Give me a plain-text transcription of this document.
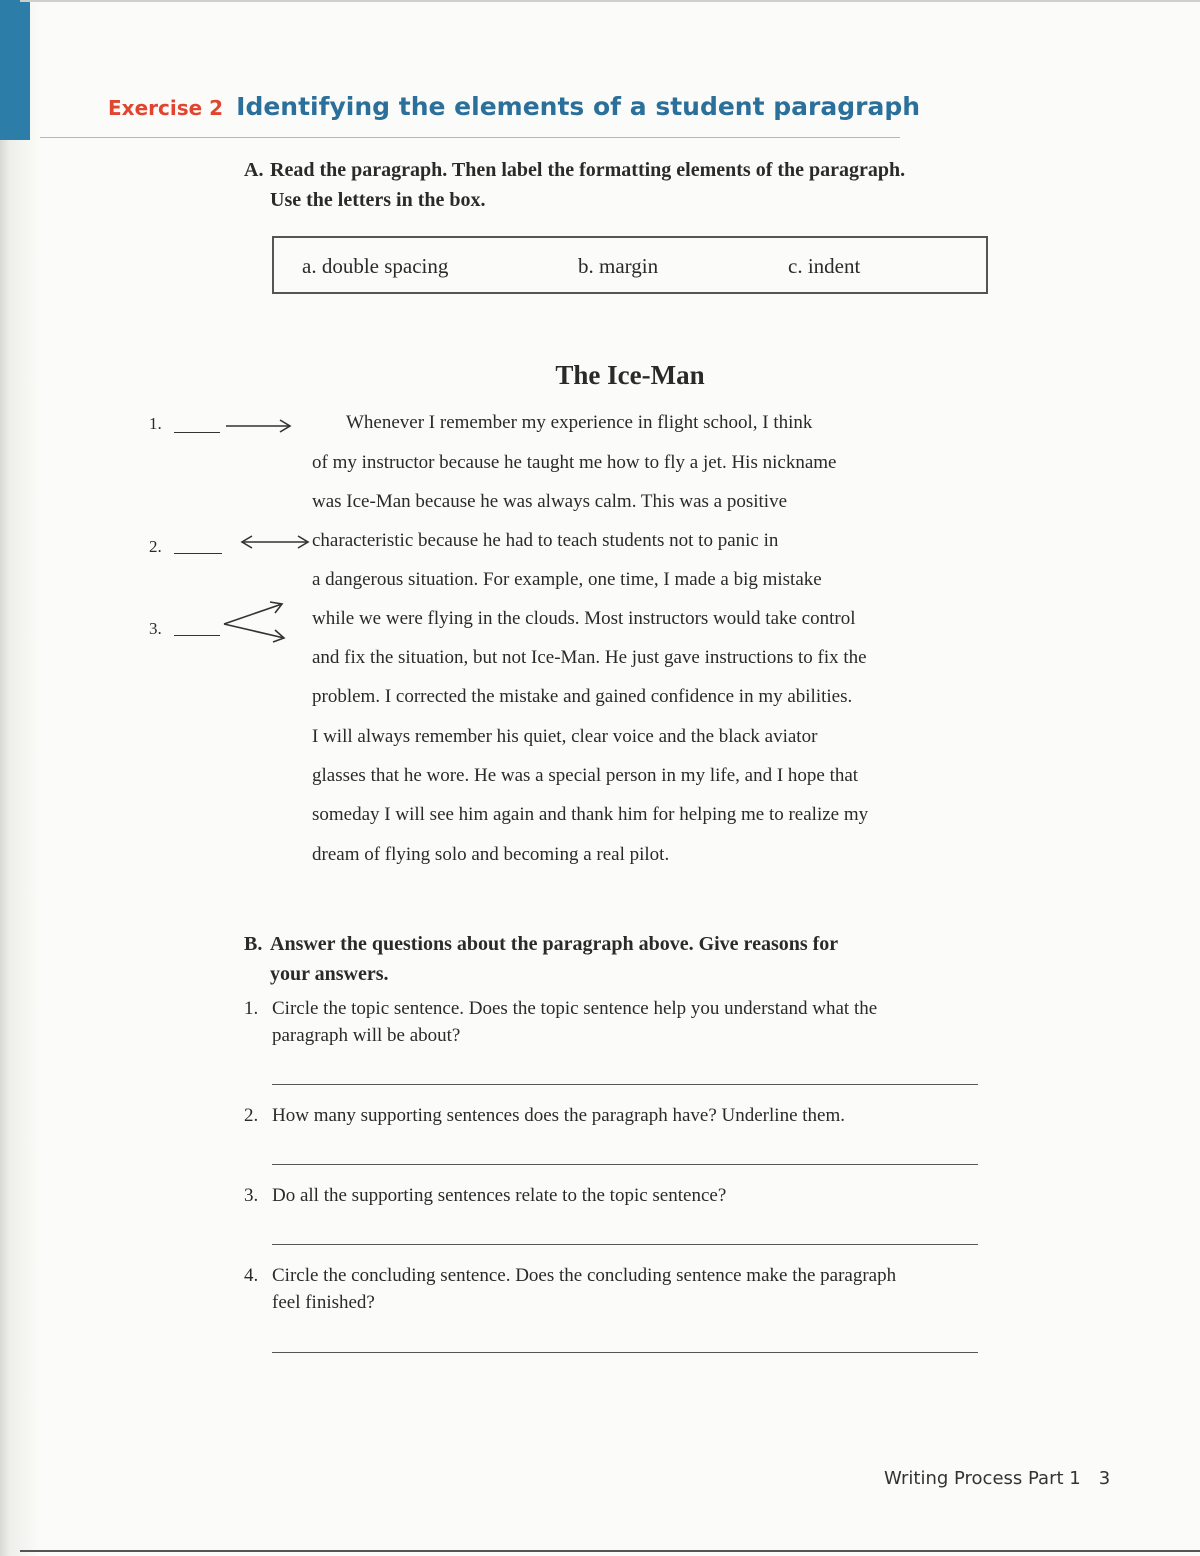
Exercise 2 Identifying the elements of a student paragraph
A. Read the paragraph. Then label the formatting elements of the paragraph.
Use the letters in the box.
a. double spacing	b. margin	c. indent
The Ice-Man
Whenever I remember my experience in flight school, I think
of my instructor because he taught me how to fly a jet. His nickname
was Ice-Man because he was always calm. This was a positive
characteristic because he had to teach students not to panic in
a dangerous situation. For example, one time, I made a big mistake
while we were flying in the clouds. Most instructors would take control
and fix the situation, but not Ice-Man. He just gave instructions to fix the
problem. I corrected the mistake and gained confidence in my abilities.
I will always remember his quiet, clear voice and the black aviator
glasses that he wore. He was a special person in my life, and I hope that
someday I will see him again and thank him for helping me to realize my
dream of flying solo and becoming a real pilot.
1.
2.
3.
B. Answer the questions about the paragraph above. Give reasons for
your answers.
1. Circle the topic sentence. Does the topic sentence help you understand what the
paragraph will be about?
2. How many supporting sentences does the paragraph have? Underline them.
3. Do all the supporting sentences relate to the topic sentence?
4. Circle the concluding sentence. Does the concluding sentence make the paragraph
feel finished?
Writing Process Part 1 3
